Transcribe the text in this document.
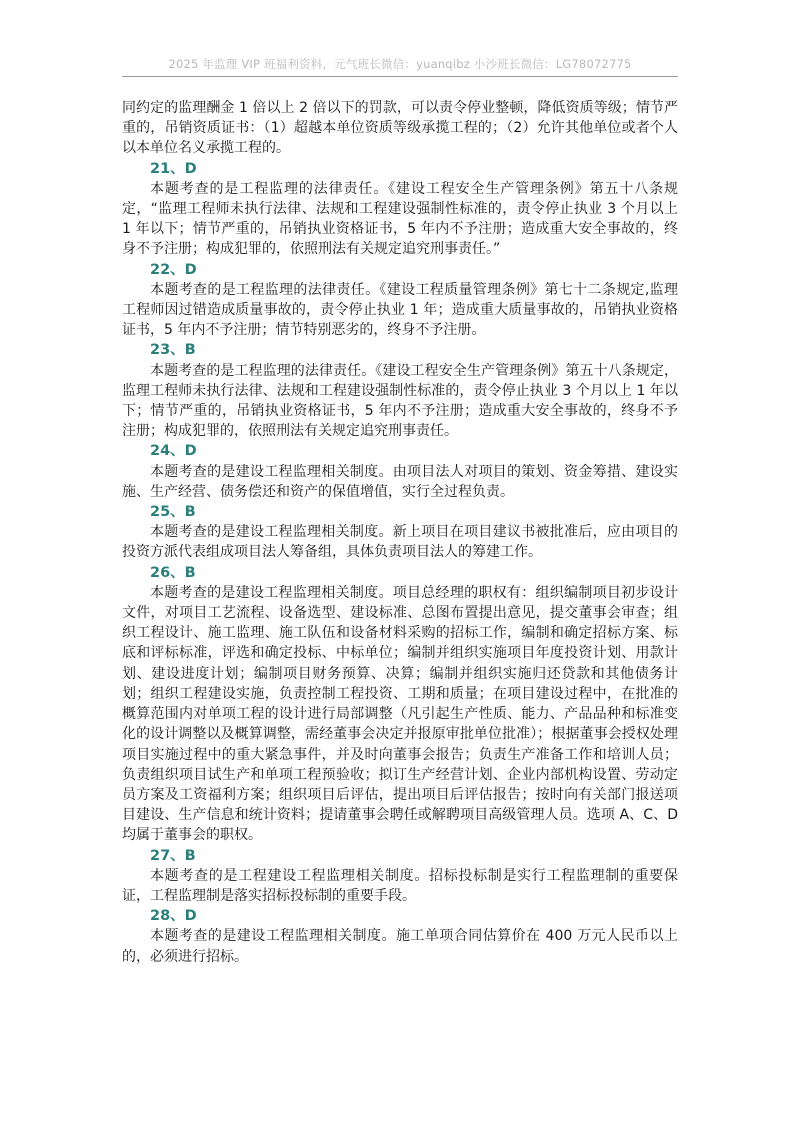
2025 年监理 VIP 班福利资料，元气班长微信：yuanqibz 小沙班长微信：LG78072775

同约定的监理酬金 1 倍以上 2 倍以下的罚款，可以责令停业整顿，降低资质等级；情节严重的，吊销资质证书：（1）超越本单位资质等级承揽工程的；（2）允许其他单位或者个人以本单位名义承揽工程的。

21、D

本题考查的是工程监理的法律责任。《建设工程安全生产管理条例》第五十八条规定，“监理工程师未执行法律、法规和工程建设强制性标准的，责令停止执业 3 个月以上 1 年以下；情节严重的，吊销执业资格证书，5 年内不予注册；造成重大安全事故的，终身不予注册；构成犯罪的，依照刑法有关规定追究刑事责任。”

22、D

本题考查的是工程监理的法律责任。《建设工程质量管理条例》第七十二条规定,监理工程师因过错造成质量事故的，责令停止执业 1 年；造成重大质量事故的，吊销执业资格证书，5 年内不予注册；情节特别恶劣的，终身不予注册。

23、B

本题考查的是工程监理的法律责任。《建设工程安全生产管理条例》第五十八条规定，监理工程师未执行法律、法规和工程建设强制性标准的，责令停止执业 3 个月以上 1 年以下；情节严重的，吊销执业资格证书，5 年内不予注册；造成重大安全事故的，终身不予注册；构成犯罪的，依照刑法有关规定追究刑事责任。

24、D

本题考查的是建设工程监理相关制度。由项目法人对项目的策划、资金筹措、建设实施、生产经营、债务偿还和资产的保值增值，实行全过程负责。

25、B

本题考查的是建设工程监理相关制度。新上项目在项目建议书被批准后，应由项目的投资方派代表组成项目法人筹备组，具体负责项目法人的筹建工作。

26、B

本题考查的是建设工程监理相关制度。项目总经理的职权有：组织编制项目初步设计文件，对项目工艺流程、设备选型、建设标准、总图布置提出意见，提交董事会审查；组织工程设计、施工监理、施工队伍和设备材料采购的招标工作，编制和确定招标方案、标底和评标标准，评选和确定投标、中标单位；编制并组织实施项目年度投资计划、用款计划、建设进度计划；编制项目财务预算、决算；编制并组织实施归还贷款和其他债务计划；组织工程建设实施，负责控制工程投资、工期和质量；在项目建设过程中，在批准的概算范围内对单项工程的设计进行局部调整（凡引起生产性质、能力、产品品种和标准变化的设计调整以及概算调整，需经董事会决定并报原审批单位批准）；根据董事会授权处理项目实施过程中的重大紧急事件，并及时向董事会报告；负责生产准备工作和培训人员；负责组织项目试生产和单项工程预验收；拟订生产经营计划、企业内部机构设置、劳动定员方案及工资福利方案；组织项目后评估，提出项目后评估报告；按时向有关部门报送项目建设、生产信息和统计资料；提请董事会聘任或解聘项目高级管理人员。选项 A、C、D 均属于董事会的职权。

27、B

本题考查的是工程建设工程监理相关制度。招标投标制是实行工程监理制的重要保证，工程监理制是落实招标投标制的重要手段。

28、D

本题考查的是建设工程监理相关制度。施工单项合同估算价在 400 万元人民币以上的，必须进行招标。
